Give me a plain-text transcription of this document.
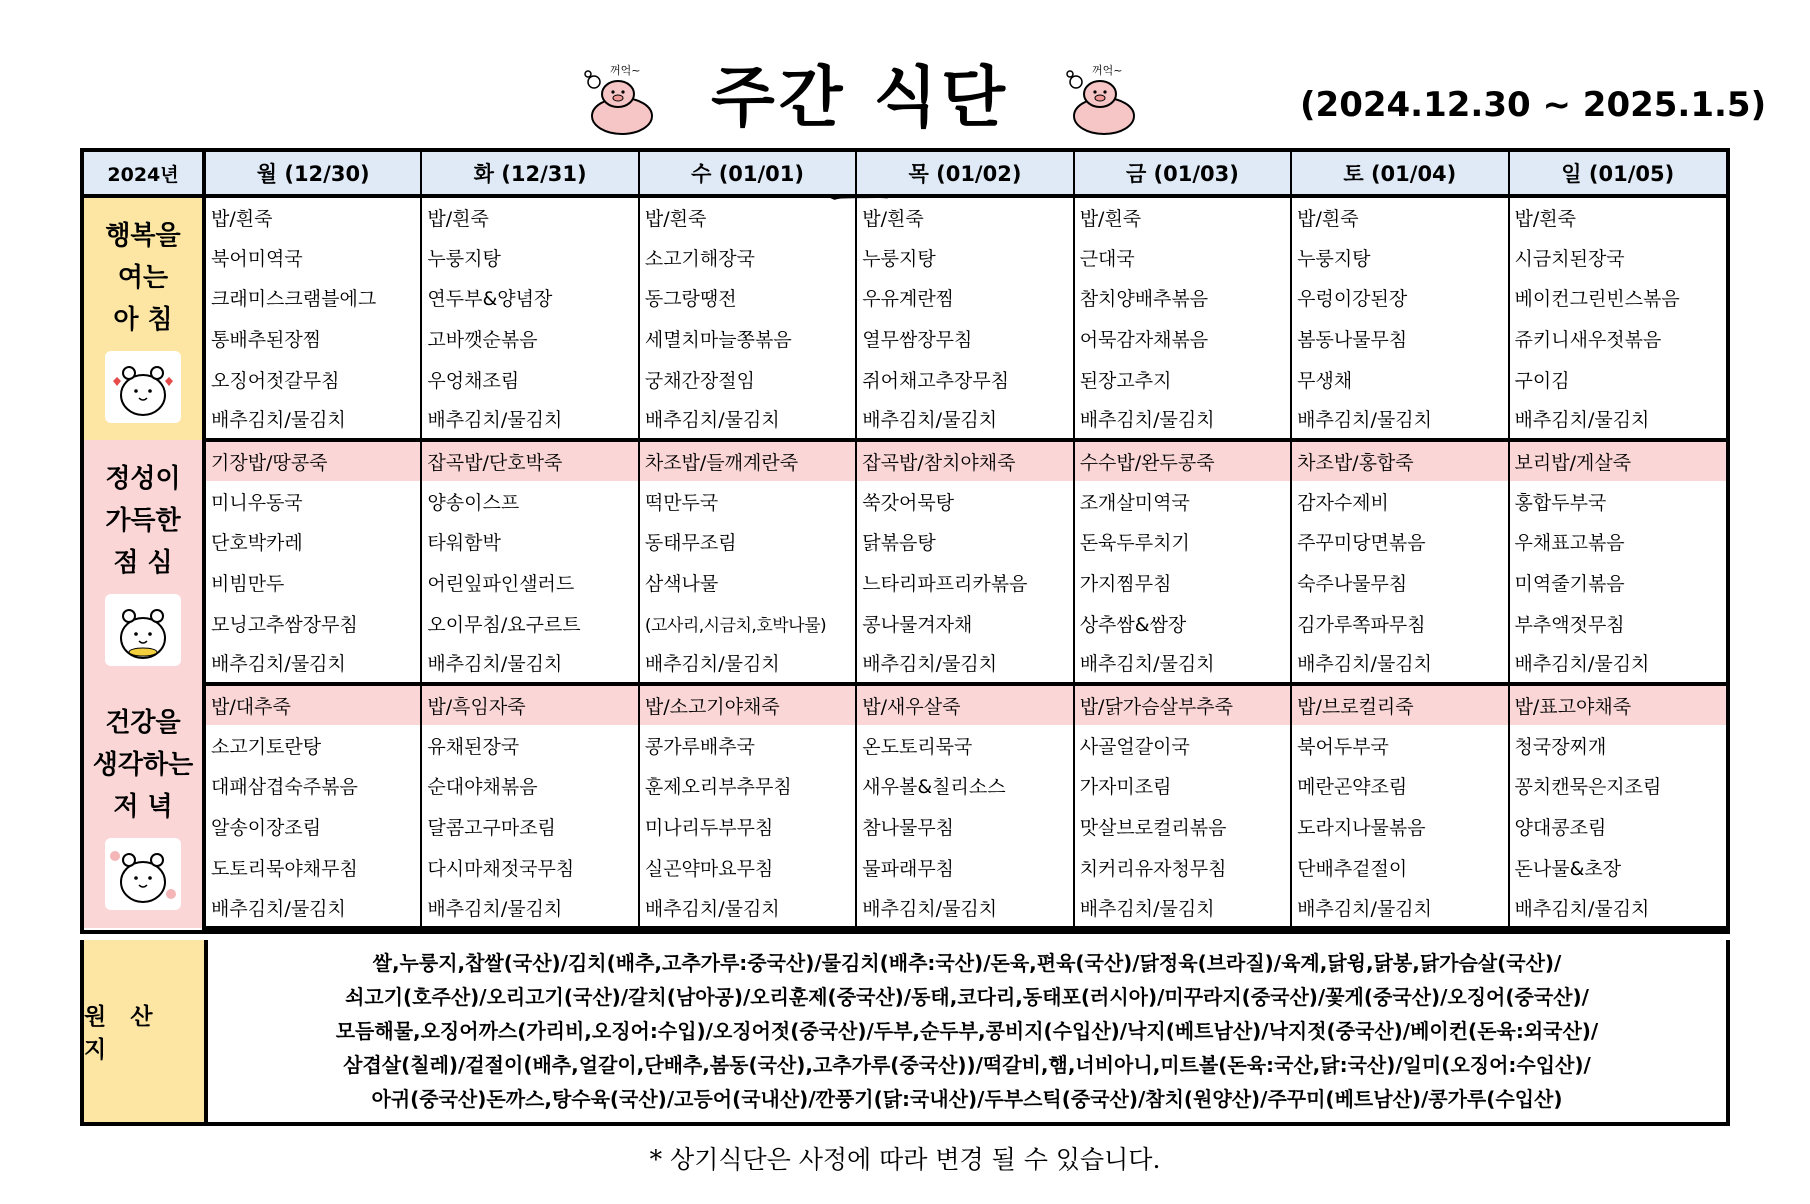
꺼억~	주간 식단	꺼억~
(2024.12.30 ~ 2025.1.5)
2024년	월 (12/30)	화 (12/31)	수 (01/01)	목 (01/02)	금 (01/03)	토 (01/04)	일 (01/05)

행복을
여는
아 침	밥/흰죽	밥/흰죽	밥/흰죽	밥/흰죽	밥/흰죽	밥/흰죽	밥/흰죽
	북어미역국	누룽지탕	소고기해장국	누룽지탕	근대국	누룽지탕	시금치된장국
	크래미스크램블에그	연두부&양념장	동그랑땡전	우유계란찜	참치양배추볶음	우렁이강된장	베이컨그린빈스볶음
	통배추된장찜	고바깻순볶음	세멸치마늘쫑볶음	열무쌈장무침	어묵감자채볶음	봄동나물무침	쥬키니새우젓볶음
	오징어젓갈무침	우엉채조림	궁채간장절임	쥐어채고추장무침	된장고추지	무생채	구이김
	배추김치/물김치	배추김치/물김치	배추김치/물김치	배추김치/물김치	배추김치/물김치	배추김치/물김치	배추김치/물김치

정성이
가득한
점 심	기장밥/땅콩죽	잡곡밥/단호박죽	차조밥/들깨계란죽	잡곡밥/참치야채죽	수수밥/완두콩죽	차조밥/홍합죽	보리밥/게살죽
	미니우동국	양송이스프	떡만두국	쑥갓어묵탕	조개살미역국	감자수제비	홍합두부국
	단호박카레	타워함박	동태무조림	닭볶음탕	돈육두루치기	주꾸미당면볶음	우채표고볶음
	비빔만두	어린잎파인샐러드	삼색나물	느타리파프리카볶음	가지찜무침	숙주나물무침	미역줄기볶음
	모닝고추쌈장무침	오이무침/요구르트	(고사리,시금치,호박나물)	콩나물겨자채	상추쌈&쌈장	김가루쪽파무침	부추액젓무침
	배추김치/물김치	배추김치/물김치	배추김치/물김치	배추김치/물김치	배추김치/물김치	배추김치/물김치	배추김치/물김치

건강을
생각하는
저 녁	밥/대추죽	밥/흑임자죽	밥/소고기야채죽	밥/새우살죽	밥/닭가슴살부추죽	밥/브로컬리죽	밥/표고야채죽
	소고기토란탕	유채된장국	콩가루배추국	온도토리묵국	사골얼갈이국	북어두부국	청국장찌개
	대패삼겹숙주볶음	순대야채볶음	훈제오리부추무침	새우볼&칠리소스	가자미조림	메란곤약조림	꽁치캔묵은지조림
	알송이장조림	달콤고구마조림	미나리두부무침	참나물무침	맛살브로컬리볶음	도라지나물볶음	양대콩조림
	도토리묵야채무침	다시마채젓국무침	실곤약마요무침	물파래무침	치커리유자청무침	단배추겉절이	돈나물&초장
	배추김치/물김치	배추김치/물김치	배추김치/물김치	배추김치/물김치	배추김치/물김치	배추김치/물김치	배추김치/물김치
원 산 지
쌀,누룽지,찹쌀(국산)/김치(배추,고추가루:중국산)/물김치(배추:국산)/돈육,편육(국산)/닭정육(브라질)/육계,닭윙,닭봉,닭가슴살(국산)/
쇠고기(호주산)/오리고기(국산)/갈치(남아공)/오리훈제(중국산)/동태,코다리,동태포(러시아)/미꾸라지(중국산)/꽃게(중국산)/오징어(중국산)/
모듬해물,오징어까스(가리비,오징어:수입)/오징어젓(중국산)/두부,순두부,콩비지(수입산)/낙지(베트남산)/낙지젓(중국산)/베이컨(돈육:외국산)/
삼겹살(칠레)/겉절이(배추,얼갈이,단배추,봄동(국산),고추가루(중국산))/떡갈비,햄,너비아니,미트볼(돈육:국산,닭:국산)/일미(오징어:수입산)/
아귀(중국산)돈까스,탕수육(국산)/고등어(국내산)/깐풍기(닭:국내산)/두부스틱(중국산)/참치(원양산)/주꾸미(베트남산)/콩가루(수입산)
* 상기식단은 사정에 따라 변경 될 수 있습니다.
